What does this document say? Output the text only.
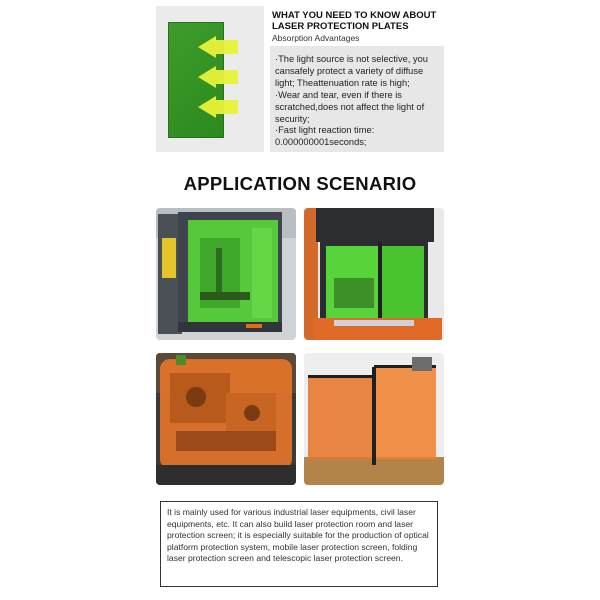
WHAT YOU NEED TO KNOW ABOUT
LASER PROTECTION PLATES
Absorption Advantages
·The light source is not selective, you cansafely protect a variety of diffuse light; Theattenuation rate is high;
·Wear and tear, even if there is scratched,does not affect the light of security;
·Fast light reaction time: 0.000000001seconds;
APPLICATION SCENARIO
It is mainly used for various industrial laser equipments, civil laser equipments, etc. It can also build laser protection room and laser protection screen; it is especially suitable for the production of optical platform protection system, mobile laser protection screen, folding laser protection screen and telescopic laser protection screen.
